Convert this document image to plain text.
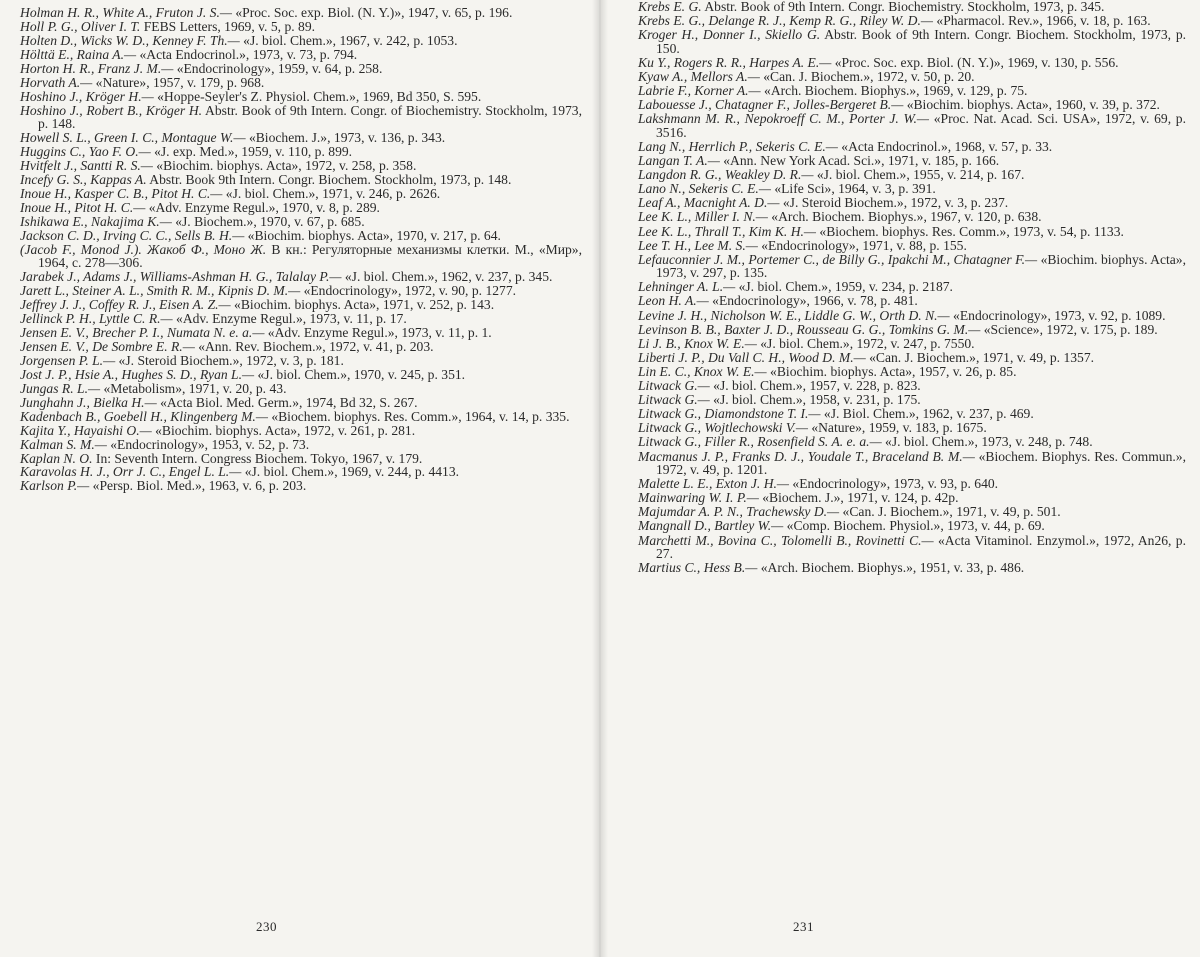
Holman H. R., White A., Fruton J. S.— «Proc. Soc. exp. Biol. (N. Y.)», 1947, v. 65, p. 196.
Holl P. G., Oliver I. T. FEBS Letters, 1969, v. 5, p. 89.
Holten D., Wicks W. D., Kenney F. Th.— «J. biol. Chem.», 1967, v. 242, p. 1053.
Hölttä E., Raina A.— «Acta Endocrinol.», 1973, v. 73, p. 794.
Horton H. R., Franz J. M.— «Endocrinology», 1959, v. 64, p. 258.
Horvath A.— «Nature», 1957, v. 179, p. 968.
Hoshino J., Kröger H.— «Hoppe-Seyler's Z. Physiol. Chem.», 1969, Bd 350, S. 595.
Hoshino J., Robert B., Kröger H. Abstr. Book of 9th Intern. Congr. of Biochemistry. Stockholm, 1973, p. 148.
Howell S. L., Green I. C., Montague W.— «Biochem. J.», 1973, v. 136, p. 343.
Huggins C., Yao F. O.— «J. exp. Med.», 1959, v. 110, p. 899.
Hvitfelt J., Santti R. S.— «Biochim. biophys. Acta», 1972, v. 258, p. 358.
Incefy G. S., Kappas A. Abstr. Book 9th Intern. Congr. Biochem. Stockholm, 1973, p. 148.
Inoue H., Kasper C. B., Pitot H. C.— «J. biol. Chem.», 1971, v. 246, p. 2626.
Inoue H., Pitot H. C.— «Adv. Enzyme Regul.», 1970, v. 8, p. 289.
Ishikawa E., Nakajima K.— «J. Biochem.», 1970, v. 67, p. 685.
Jackson C. D., Irving C. C., Sells B. H.— «Biochim. biophys. Acta», 1970, v. 217, p. 64.
(Jacob F., Monod J.). Жакоб Ф., Моно Ж. В кн.: Регуляторные механизмы клетки. М., «Мир», 1964, с. 278—306.
Jarabek J., Adams J., Williams-Ashman H. G., Talalay P.— «J. biol. Chem.», 1962, v. 237, p. 345.
Jarett L., Steiner A. L., Smith R. M., Kipnis D. M.— «Endocrinology», 1972, v. 90, p. 1277.
Jeffrey J. J., Coffey R. J., Eisen A. Z.— «Biochim. biophys. Acta», 1971, v. 252, p. 143.
Jellinck P. H., Lyttle C. R.— «Adv. Enzyme Regul.», 1973, v. 11, p. 17.
Jensen E. V., Brecher P. I., Numata N. e. a.— «Adv. Enzyme Regul.», 1973, v. 11, p. 1.
Jensen E. V., De Sombre E. R.— «Ann. Rev. Biochem.», 1972, v. 41, p. 203.
Jorgensen P. L.— «J. Steroid Biochem.», 1972, v. 3, p. 181.
Jost J. P., Hsie A., Hughes S. D., Ryan L.— «J. biol. Chem.», 1970, v. 245, p. 351.
Jungas R. L.— «Metabolism», 1971, v. 20, p. 43.
Junghahn J., Bielka H.— «Acta Biol. Med. Germ.», 1974, Bd 32, S. 267.
Kadenbach B., Goebell H., Klingenberg M.— «Biochem. biophys. Res. Comm.», 1964, v. 14, p. 335.
Kajita Y., Hayaishi O.— «Biochim. biophys. Acta», 1972, v. 261, p. 281.
Kalman S. M.— «Endocrinology», 1953, v. 52, p. 73.
Kaplan N. O. In: Seventh Intern. Congress Biochem. Tokyo, 1967, v. 179.
Karavolas H. J., Orr J. C., Engel L. L.— «J. biol. Chem.», 1969, v. 244, p. 4413.
Karlson P.— «Persp. Biol. Med.», 1963, v. 6, p. 203.
230
Krebs E. G. Abstr. Book of 9th Intern. Congr. Biochemistry. Stockholm, 1973, p. 345.
Krebs E. G., Delange R. J., Kemp R. G., Riley W. D.— «Pharmacol. Rev.», 1966, v. 18, p. 163.
Kroger H., Donner I., Skiello G. Abstr. Book of 9th Intern. Congr. Biochem. Stockholm, 1973, p. 150.
Ku Y., Rogers R. R., Harpes A. E.— «Proc. Soc. exp. Biol. (N. Y.)», 1969, v. 130, p. 556.
Kyaw A., Mellors A.— «Can. J. Biochem.», 1972, v. 50, p. 20.
Labrie F., Korner A.— «Arch. Biochem. Biophys.», 1969, v. 129, p. 75.
Labouesse J., Chatagner F., Jolles-Bergeret B.— «Biochim. biophys. Acta», 1960, v. 39, p. 372.
Lakshmann M. R., Nepokroeff C. M., Porter J. W.— «Proc. Nat. Acad. Sci. USA», 1972, v. 69, p. 3516.
Lang N., Herrlich P., Sekeris C. E.— «Acta Endocrinol.», 1968, v. 57, p. 33.
Langan T. A.— «Ann. New York Acad. Sci.», 1971, v. 185, p. 166.
Langdon R. G., Weakley D. R.— «J. biol. Chem.», 1955, v. 214, p. 167.
Lano N., Sekeris C. E.— «Life Sci», 1964, v. 3, p. 391.
Leaf A., Macnight A. D.— «J. Steroid Biochem.», 1972, v. 3, p. 237.
Lee K. L., Miller I. N.— «Arch. Biochem. Biophys.», 1967, v. 120, p. 638.
Lee K. L., Thrall T., Kim K. H.— «Biochem. biophys. Res. Comm.», 1973, v. 54, p. 1133.
Lee T. H., Lee M. S.— «Endocrinology», 1971, v. 88, p. 155.
Lefauconnier J. M., Portemer C., de Billy G., Ipakchi M., Chatagner F.— «Biochim. biophys. Acta», 1973, v. 297, p. 135.
Lehninger A. L.— «J. biol. Chem.», 1959, v. 234, p. 2187.
Leon H. A.— «Endocrinology», 1966, v. 78, p. 481.
Levine J. H., Nicholson W. E., Liddle G. W., Orth D. N.— «Endocrinology», 1973, v. 92, p. 1089.
Levinson B. B., Baxter J. D., Rousseau G. G., Tomkins G. M.— «Science», 1972, v. 175, p. 189.
Li J. B., Knox W. E.— «J. biol. Chem.», 1972, v. 247, p. 7550.
Liberti J. P., Du Vall C. H., Wood D. M.— «Can. J. Biochem.», 1971, v. 49, p. 1357.
Lin E. C., Knox W. E.— «Biochim. biophys. Acta», 1957, v. 26, p. 85.
Litwack G.— «J. biol. Chem.», 1957, v. 228, p. 823.
Litwack G.— «J. biol. Chem.», 1958, v. 231, p. 175.
Litwack G., Diamondstone T. I.— «J. Biol. Chem.», 1962, v. 237, p. 469.
Litwack G., Wojtlechowski V.— «Nature», 1959, v. 183, p. 1675.
Litwack G., Filler R., Rosenfield S. A. e. a.— «J. biol. Chem.», 1973, v. 248, p. 748.
Macmanus J. P., Franks D. J., Youdale T., Braceland B. M.— «Biochem. Biophys. Res. Commun.», 1972, v. 49, p. 1201.
Malette L. E., Exton J. H.— «Endocrinology», 1973, v. 93, p. 640.
Mainwaring W. I. P.— «Biochem. J.», 1971, v. 124, p. 42p.
Majumdar A. P. N., Trachewsky D.— «Can. J. Biochem.», 1971, v. 49, p. 501.
Mangnall D., Bartley W.— «Comp. Biochem. Physiol.», 1973, v. 44, p. 69.
Marchetti M., Bovina C., Tolomelli B., Rovinetti C.— «Acta Vitaminol. Enzymol.», 1972, An26, p. 27.
Martius C., Hess B.— «Arch. Biochem. Biophys.», 1951, v. 33, p. 486.
231
